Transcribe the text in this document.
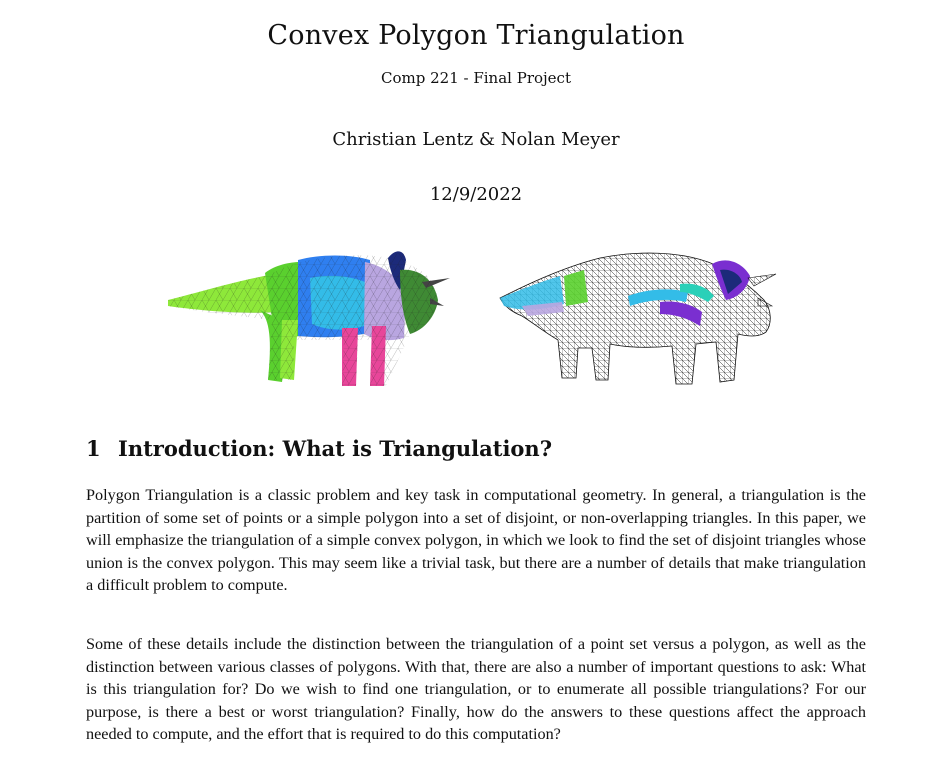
Convex Polygon Triangulation
Comp 221 - Final Project
Christian Lentz & Nolan Meyer
12/9/2022
1 Introduction: What is Triangulation?

Polygon Triangulation is a classic problem and key task in computational geometry. In general, a triangulation is the partition of some set of points or a simple polygon into a set of disjoint, or non-overlapping triangles. In this paper, we will emphasize the triangulation of a simple convex polygon, in which we look to find the set of disjoint triangles whose union is the convex polygon. This may seem like a trivial task, but there are a number of details that make triangulation a difficult problem to compute.

Some of these details include the distinction between the triangulation of a point set versus a polygon, as well as the distinction between various classes of polygons. With that, there are also a number of important questions to ask: What is this triangulation for? Do we wish to find one triangulation, or to enumerate all possible triangulations? For our purpose, is there a best or worst triangulation? Finally, how do the answers to these questions affect the approach needed to compute, and the effort that is required to do this computation?
